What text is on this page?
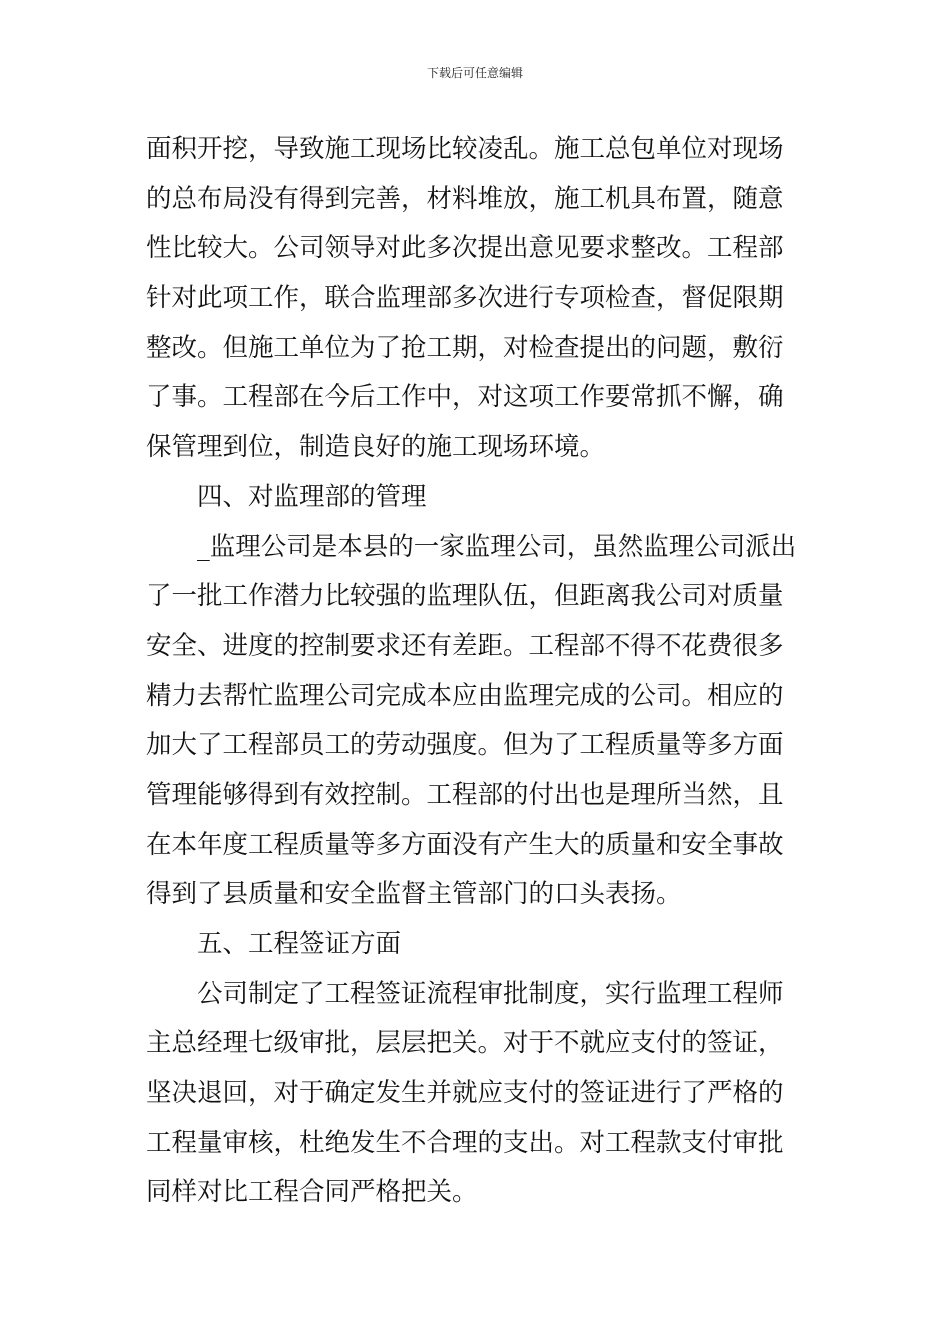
下载后可任意编辑
面积开挖，导致施工现场比较凌乱。施工总包单位对现场
的总布局没有得到完善，材料堆放，施工机具布置，随意
性比较大。公司领导对此多次提出意见要求整改。工程部
针对此项工作，联合监理部多次进行专项检查，督促限期
整改。但施工单位为了抢工期，对检查提出的问题，敷衍
了事。工程部在今后工作中，对这项工作要常抓不懈，确
保管理到位，制造良好的施工现场环境。
四、对监理部的管理
_监理公司是本县的一家监理公司，虽然监理公司派出
了一批工作潜力比较强的监理队伍，但距离我公司对质量
安全、进度的控制要求还有差距。工程部不得不花费很多
精力去帮忙监理公司完成本应由监理完成的公司。相应的
加大了工程部员工的劳动强度。但为了工程质量等多方面
管理能够得到有效控制。工程部的付出也是理所当然，且
在本年度工程质量等多方面没有产生大的质量和安全事故
得到了县质量和安全监督主管部门的口头表扬。
五、工程签证方面
公司制定了工程签证流程审批制度，实行监理工程师
主总经理七级审批，层层把关。对于不就应支付的签证，
坚决退回，对于确定发生并就应支付的签证进行了严格的
工程量审核，杜绝发生不合理的支出。对工程款支付审批
同样对比工程合同严格把关。
